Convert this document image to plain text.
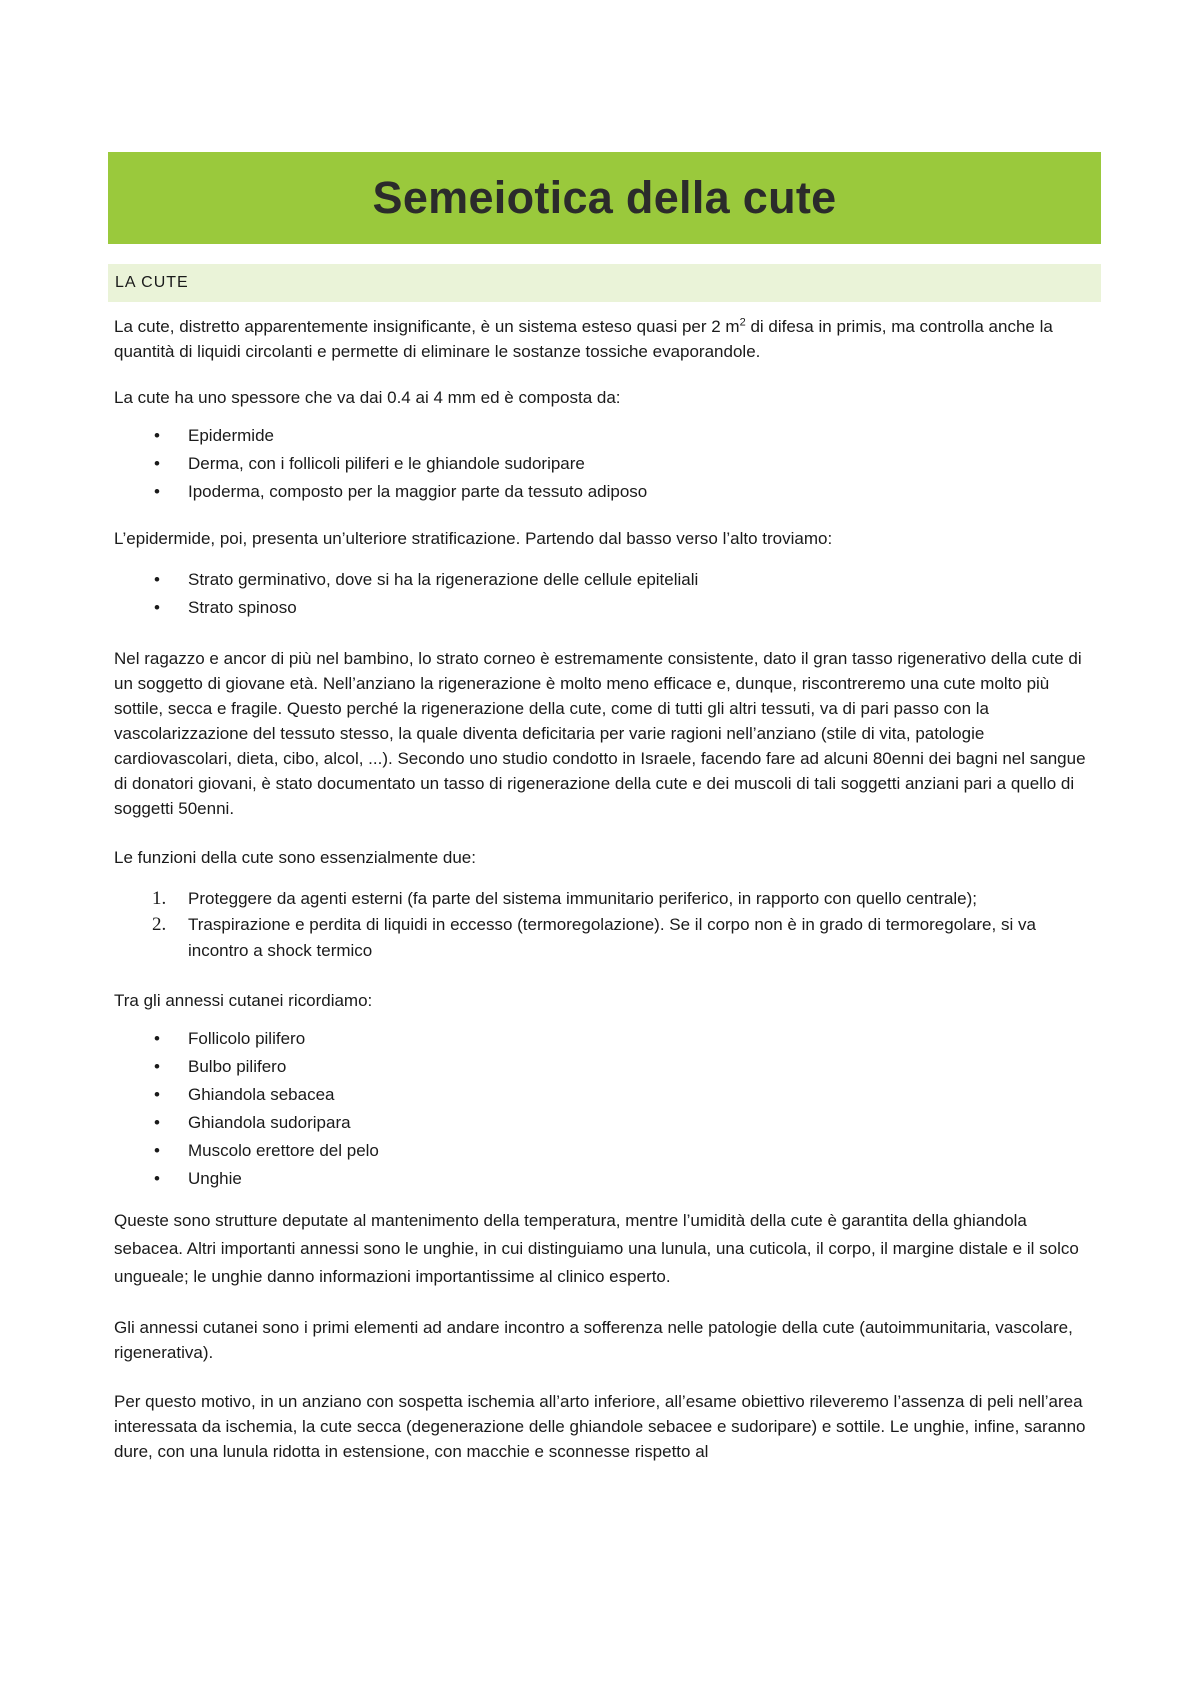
Semeiotica della cute
LA CUTE

La cute, distretto apparentemente insignificante, è un sistema esteso quasi per 2 $m^2$ di difesa in primis, ma controlla anche la quantità di liquidi circolanti e permette di eliminare le sostanze tossiche evaporandole.

La cute ha uno spessore che va dai 0.4 ai 4 mm ed è composta da:

• Epidermide
• Derma, con i follicoli piliferi e le ghiandole sudoripare
• Ipoderma, composto per la maggior parte da tessuto adiposo

L’epidermide, poi, presenta un’ulteriore stratificazione. Partendo dal basso verso l’alto troviamo:

• Strato germinativo, dove si ha la rigenerazione delle cellule epiteliali
• Strato spinoso

Nel ragazzo e ancor di più nel bambino, lo strato corneo è estremamente consistente, dato il gran tasso rigenerativo della cute di un soggetto di giovane età. Nell’anziano la rigenerazione è molto meno efficace e, dunque, riscontreremo una cute molto più sottile, secca e fragile. Questo perché la rigenerazione della cute, come di tutti gli altri tessuti, va di pari passo con la vascolarizzazione del tessuto stesso, la quale diventa deficitaria per varie ragioni nell’anziano (stile di vita, patologie cardiovascolari, dieta, cibo, alcol, ...). Secondo uno studio condotto in Israele, facendo fare ad alcuni 80enni dei bagni nel sangue di donatori giovani, è stato documentato un tasso di rigenerazione della cute e dei muscoli di tali soggetti anziani pari a quello di soggetti 50enni.

Le funzioni della cute sono essenzialmente due:

1. Proteggere da agenti esterni (fa parte del sistema immunitario periferico, in rapporto con quello centrale);
2. Traspirazione e perdita di liquidi in eccesso (termoregolazione). Se il corpo non è in grado di termoregolare, si va incontro a shock termico

Tra gli annessi cutanei ricordiamo:

• Follicolo pilifero
• Bulbo pilifero
• Ghiandola sebacea
• Ghiandola sudoripara
• Muscolo erettore del pelo
• Unghie

Queste sono strutture deputate al mantenimento della temperatura, mentre l’umidità della cute è garantita della ghiandola sebacea. Altri importanti annessi sono le unghie, in cui distinguiamo una lunula, una cuticola, il corpo, il margine distale e il solco ungueale; le unghie danno informazioni importantissime al clinico esperto.

Gli annessi cutanei sono i primi elementi ad andare incontro a sofferenza nelle patologie della cute (autoimmunitaria, vascolare, rigenerativa).

Per questo motivo, in un anziano con sospetta ischemia all’arto inferiore, all’esame obiettivo rileveremo l’assenza di peli nell’area interessata da ischemia, la cute secca (degenerazione delle ghiandole sebacee e sudoripare) e sottile. Le unghie, infine, saranno dure, con una lunula ridotta in estensione, con macchie e sconnesse rispetto al
